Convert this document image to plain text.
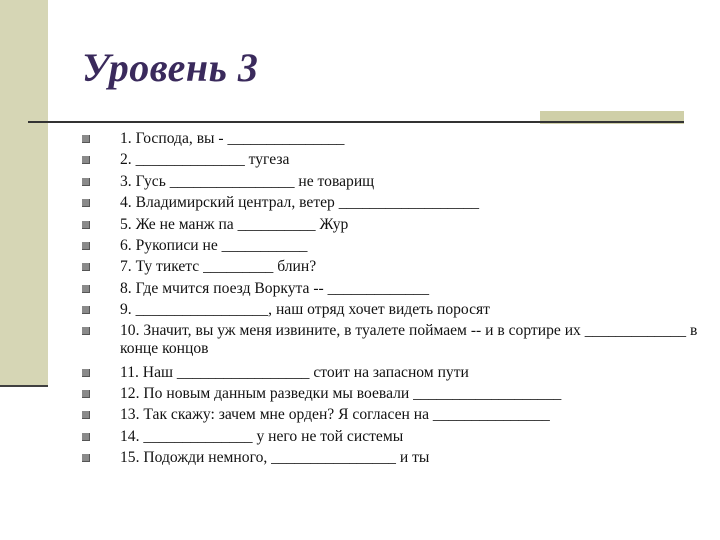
Уровень 3
1. Господа, вы - _______________
2. ______________ тугеза
3. Гусь ________________ не товарищ
4. Владимирский централ, ветер __________________
5. Же не манж па __________ Жур
6. Рукописи не ___________
7. Ту тикетс _________ блин?
8. Где мчится поезд Воркута -- _____________
9. _________________, наш отряд хочет видеть поросят
10. Значит, вы уж меня извините, в туалете поймаем -- и в сортире их _____________ в конце концов
11. Наш _________________ стоит на запасном пути
12. По новым данным разведки мы воевали ___________________
13. Так скажу: зачем мне орден? Я согласен на _______________
14. ______________ у него не той системы
15. Подожди немного, ________________ и ты
